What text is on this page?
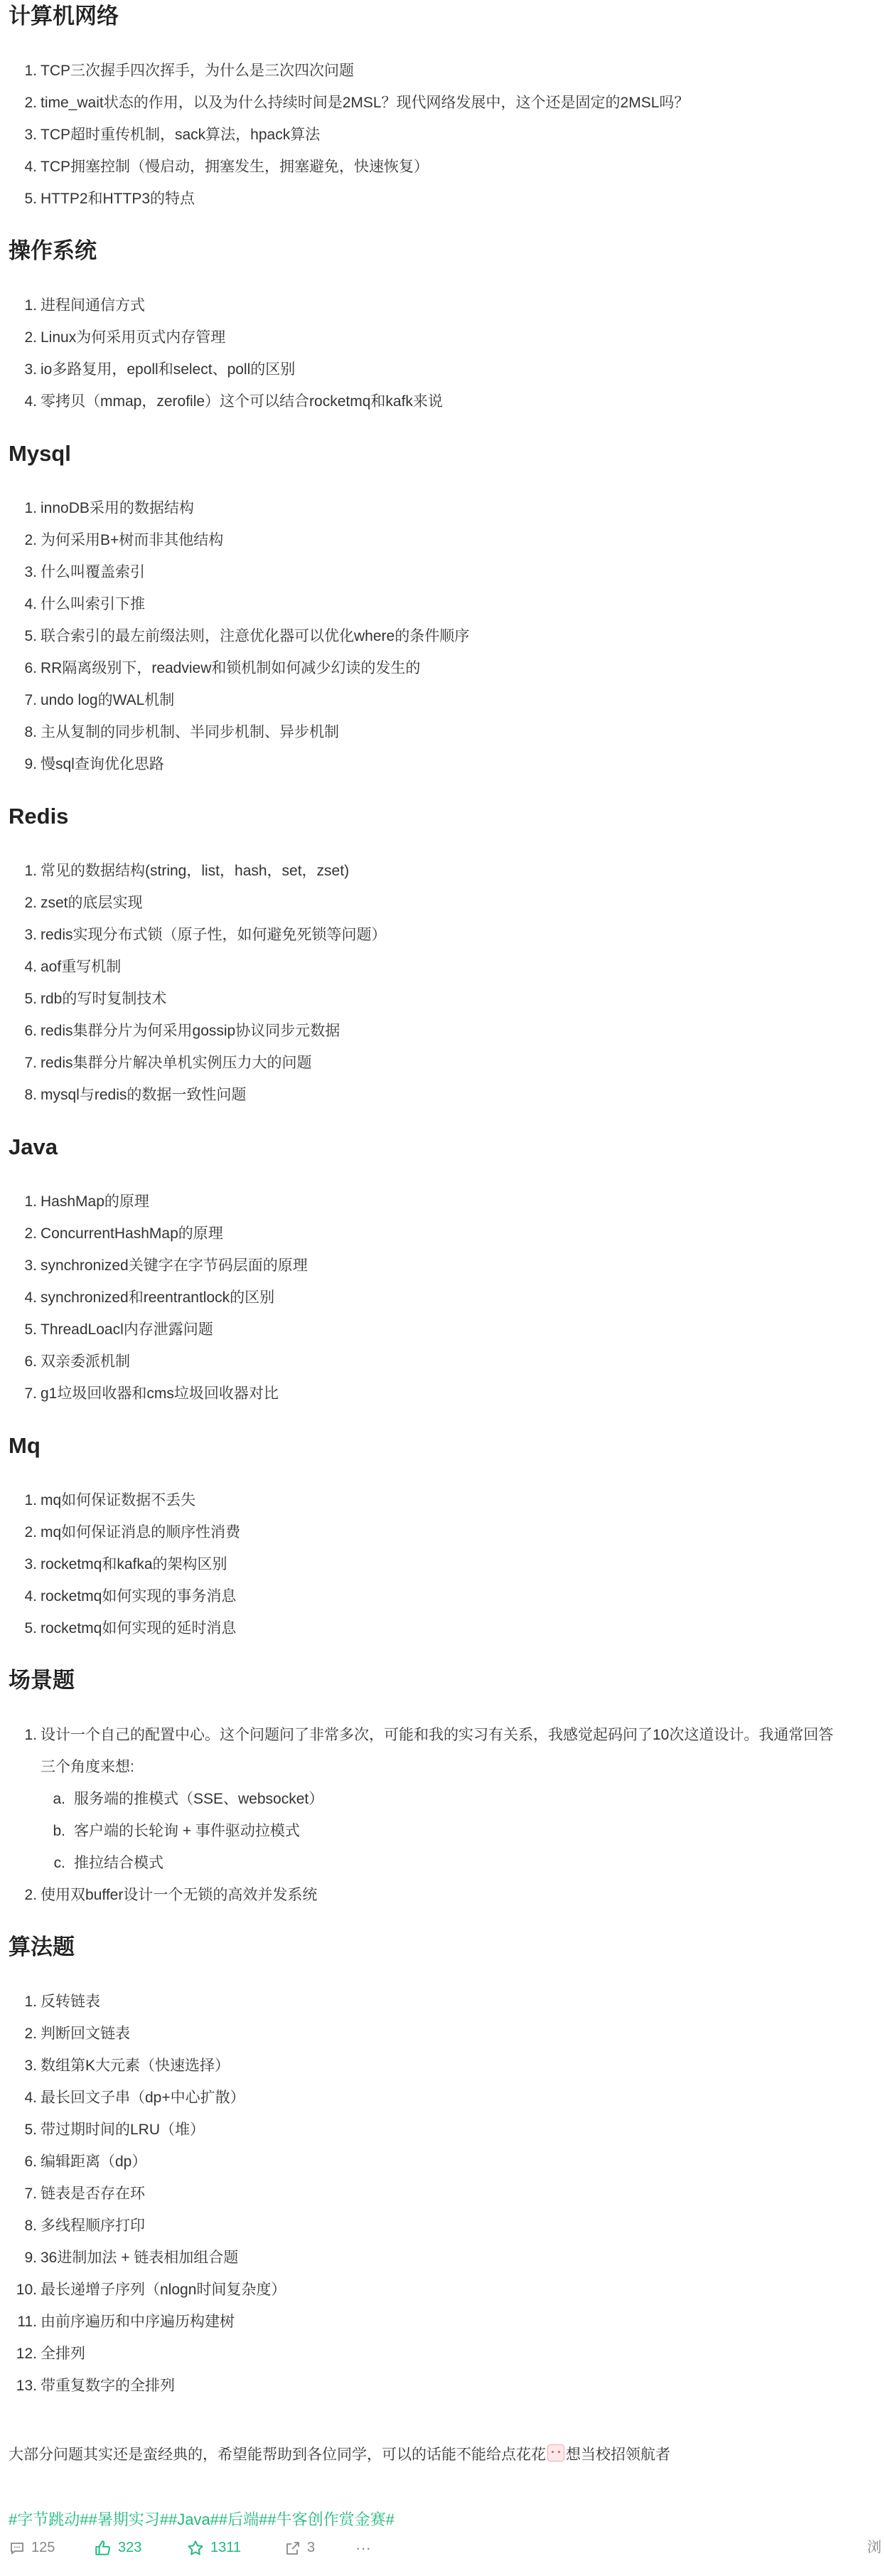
计算机网络
1. TCP三次握手四次挥手，为什么是三次四次问题
2. time_wait状态的作用，以及为什么持续时间是2MSL？现代网络发展中，这个还是固定的2MSL吗？
3. TCP超时重传机制，sack算法，hpack算法
4. TCP拥塞控制（慢启动，拥塞发生，拥塞避免，快速恢复）
5. HTTP2和HTTP3的特点
操作系统
1. 进程间通信方式
2. Linux为何采用页式内存管理
3. io多路复用，epoll和select、poll的区别
4. 零拷贝（mmap，zerofile）这个可以结合rocketmq和kafk来说
Mysql
1. innoDB采用的数据结构
2. 为何采用B+树而非其他结构
3. 什么叫覆盖索引
4. 什么叫索引下推
5. 联合索引的最左前缀法则，注意优化器可以优化where的条件顺序
6. RR隔离级别下，readview和锁机制如何减少幻读的发生的
7. undo log的WAL机制
8. 主从复制的同步机制、半同步机制、异步机制
9. 慢sql查询优化思路
Redis
1. 常见的数据结构(string，list，hash，set，zset)
2. zset的底层实现
3. redis实现分布式锁（原子性，如何避免死锁等问题）
4. aof重写机制
5. rdb的写时复制技术
6. redis集群分片为何采用gossip协议同步元数据
7. redis集群分片解决单机实例压力大的问题
8. mysql与redis的数据一致性问题
Java
1. HashMap的原理
2. ConcurrentHashMap的原理
3. synchronized关键字在字节码层面的原理
4. synchronized和reentrantlock的区别
5. ThreadLoacl内存泄露问题
6. 双亲委派机制
7. g1垃圾回收器和cms垃圾回收器对比
Mq
1. mq如何保证数据不丢失
2. mq如何保证消息的顺序性消费
3. rocketmq和kafka的架构区别
4. rocketmq如何实现的事务消息
5. rocketmq如何实现的延时消息
场景题
1. 设计一个自己的配置中心。这个问题问了非常多次，可能和我的实习有关系，我感觉起码问了10次这道设计。我通常回答
三个角度来想:
a. 服务端的推模式（SSE、websocket）
b. 客户端的长轮询 + 事件驱动拉模式
c. 推拉结合模式
2. 使用双buffer设计一个无锁的高效并发系统
算法题
1. 反转链表
2. 判断回文链表
3. 数组第K大元素（快速选择）
4. 最长回文子串（dp+中心扩散）
5. 带过期时间的LRU（堆）
6. 编辑距离（dp）
7. 链表是否存在环
8. 多线程顺序打印
9. 36进制加法 + 链表相加组合题
10. 最长递增子序列（nlogn时间复杂度）
11. 由前序遍历和中序遍历构建树
12. 全排列
13. 带重复数字的全排列
大部分问题其实还是蛮经典的，希望能帮助到各位同学，可以的话能不能给点花花 想当校招领航者
#字节跳动##暑期实习##Java##后端##牛客创作赏金赛#
125	323	1311	3	···	浏
